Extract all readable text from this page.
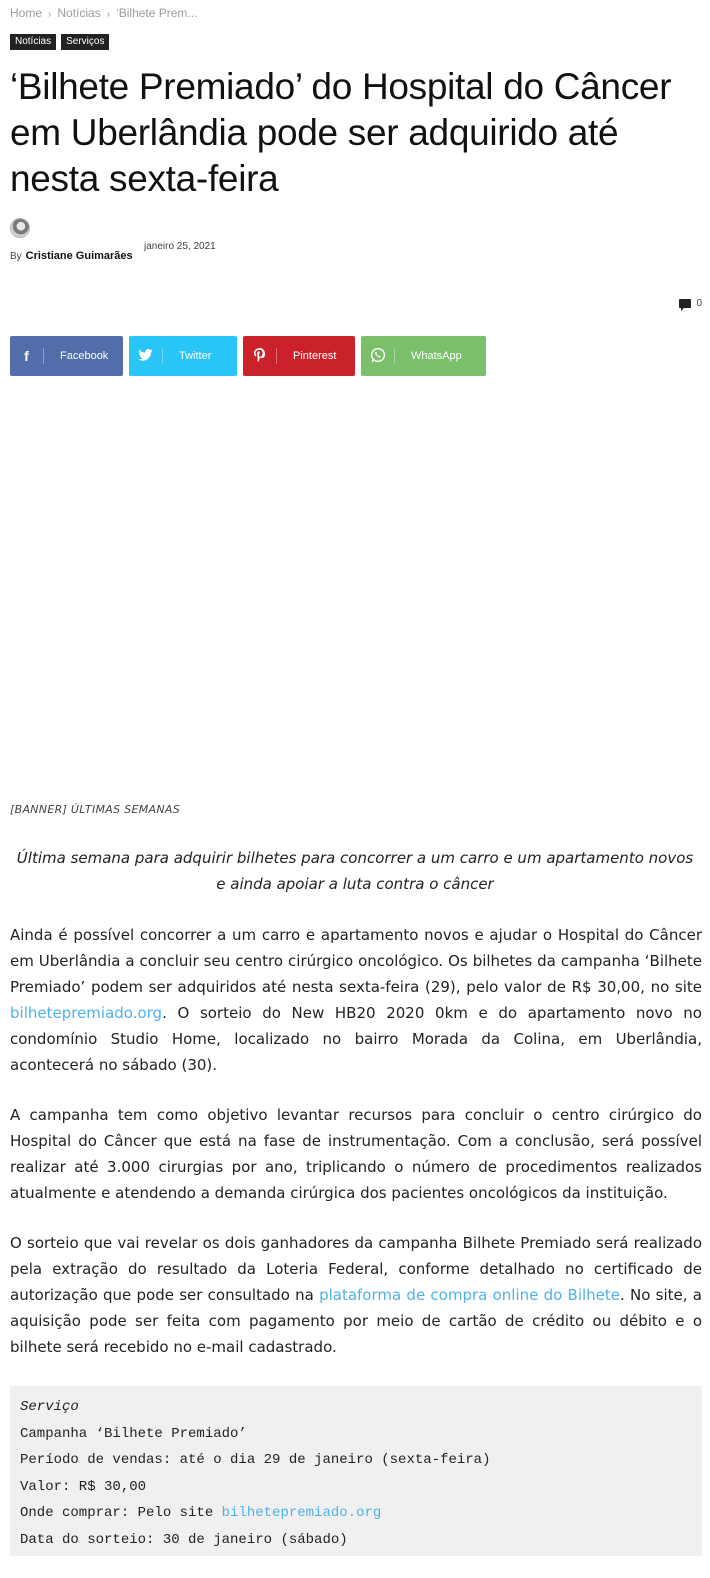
Home › Notícias › ‘Bilhete Prem...
Notícias	Serviços
‘Bilhete Premiado’ do Hospital do Câncer em Uberlândia pode ser adquirido até nesta sexta-feira
By Cristiane Guimarães
janeiro 25, 2021
0
f	Facebook	Twitter	Pinterest	WhatsApp
[BANNER] ÚLTIMAS SEMANAS
Última semana para adquirir bilhetes para concorrer a um carro e um apartamento novos e ainda apoiar a luta contra o câncer

Ainda é possível concorrer a um carro e apartamento novos e ajudar o Hospital do Câncer em Uberlândia a concluir seu centro cirúrgico oncológico. Os bilhetes da campanha ‘Bilhete Premiado’ podem ser adquiridos até nesta sexta-feira (29), pelo valor de R$ 30,00, no site bilhetepremiado.org. O sorteio do New HB20 2020 0km e do apartamento novo no condomínio Studio Home, localizado no bairro Morada da Colina, em Uberlândia, acontecerá no sábado (30).

A campanha tem como objetivo levantar recursos para concluir o centro cirúrgico do Hospital do Câncer que está na fase de instrumentação. Com a conclusão, será possível realizar até 3.000 cirurgias por ano, triplicando o número de procedimentos realizados atualmente e atendendo a demanda cirúrgica dos pacientes oncológicos da instituição.

O sorteio que vai revelar os dois ganhadores da campanha Bilhete Premiado será realizado pela extração do resultado da Loteria Federal, conforme detalhado no certificado de autorização que pode ser consultado na plataforma de compra online do Bilhete. No site, a aquisição pode ser feita com pagamento por meio de cartão de crédito ou débito e o bilhete será recebido no e-mail cadastrado.

Serviço
Campanha ‘Bilhete Premiado’
Período de vendas: até o dia 29 de janeiro (sexta-feira)
Valor: R$ 30,00
Onde comprar: Pelo site bilhetepremiado.org
Data do sorteio: 30 de janeiro (sábado)
